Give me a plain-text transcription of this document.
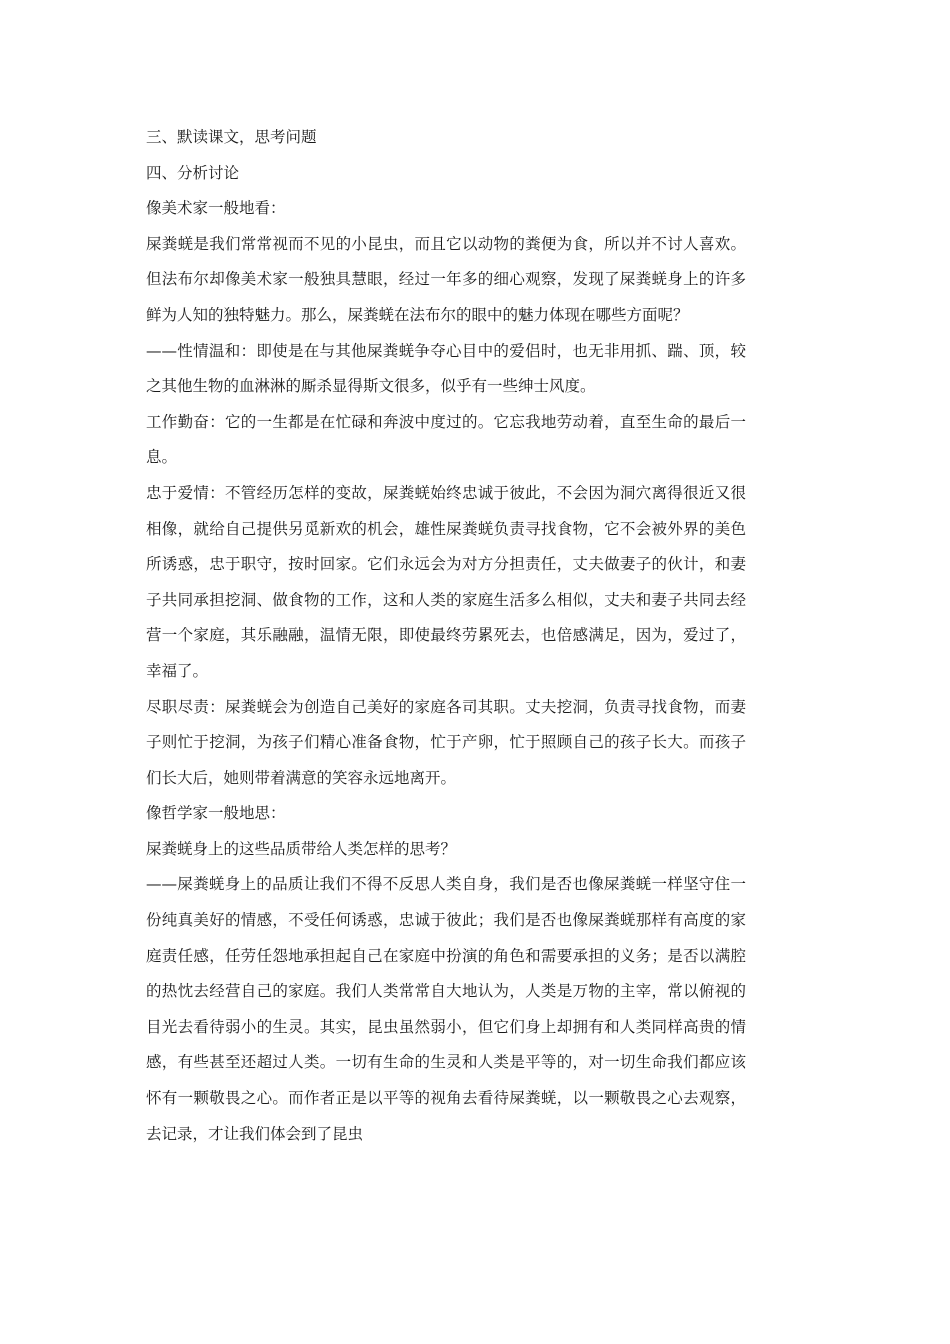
三、默读课文，思考问题

四、分析讨论

像美术家一般地看：

屎粪蜣是我们常常视而不见的小昆虫，而且它以动物的粪便为食，所以并不讨人喜欢。但法布尔却像美术家一般独具慧眼，经过一年多的细心观察，发现了屎粪蜣身上的许多鲜为人知的独特魅力。那么，屎粪蜣在法布尔的眼中的魅力体现在哪些方面呢？

——性情温和：即使是在与其他屎粪蜣争夺心目中的爱侣时，也无非用抓、踹、顶，较之其他生物的血淋淋的厮杀显得斯文很多，似乎有一些绅士风度。

工作勤奋：它的一生都是在忙碌和奔波中度过的。它忘我地劳动着，直至生命的最后一息。

忠于爱情：不管经历怎样的变故，屎粪蜣始终忠诚于彼此，不会因为洞穴离得很近又很相像，就给自己提供另觅新欢的机会，雄性屎粪蜣负责寻找食物，它不会被外界的美色所诱惑，忠于职守，按时回家。它们永远会为对方分担责任，丈夫做妻子的伙计，和妻子共同承担挖洞、做食物的工作，这和人类的家庭生活多么相似，丈夫和妻子共同去经营一个家庭，其乐融融，温情无限，即使最终劳累死去，也倍感满足，因为，爱过了，幸福了。

尽职尽责：屎粪蜣会为创造自己美好的家庭各司其职。丈夫挖洞，负责寻找食物，而妻子则忙于挖洞，为孩子们精心准备食物，忙于产卵，忙于照顾自己的孩子长大。而孩子们长大后，她则带着满意的笑容永远地离开。

像哲学家一般地思：

屎粪蜣身上的这些品质带给人类怎样的思考？

——屎粪蜣身上的品质让我们不得不反思人类自身，我们是否也像屎粪蜣一样坚守住一份纯真美好的情感，不受任何诱惑，忠诚于彼此；我们是否也像屎粪蜣那样有高度的家庭责任感，任劳任怨地承担起自己在家庭中扮演的角色和需要承担的义务；是否以满腔的热忱去经营自己的家庭。我们人类常常自大地认为，人类是万物的主宰，常以俯视的目光去看待弱小的生灵。其实，昆虫虽然弱小，但它们身上却拥有和人类同样高贵的情感，有些甚至还超过人类。一切有生命的生灵和人类是平等的，对一切生命我们都应该怀有一颗敬畏之心。而作者正是以平等的视角去看待屎粪蜣，以一颗敬畏之心去观察，去记录，才让我们体会到了昆虫
